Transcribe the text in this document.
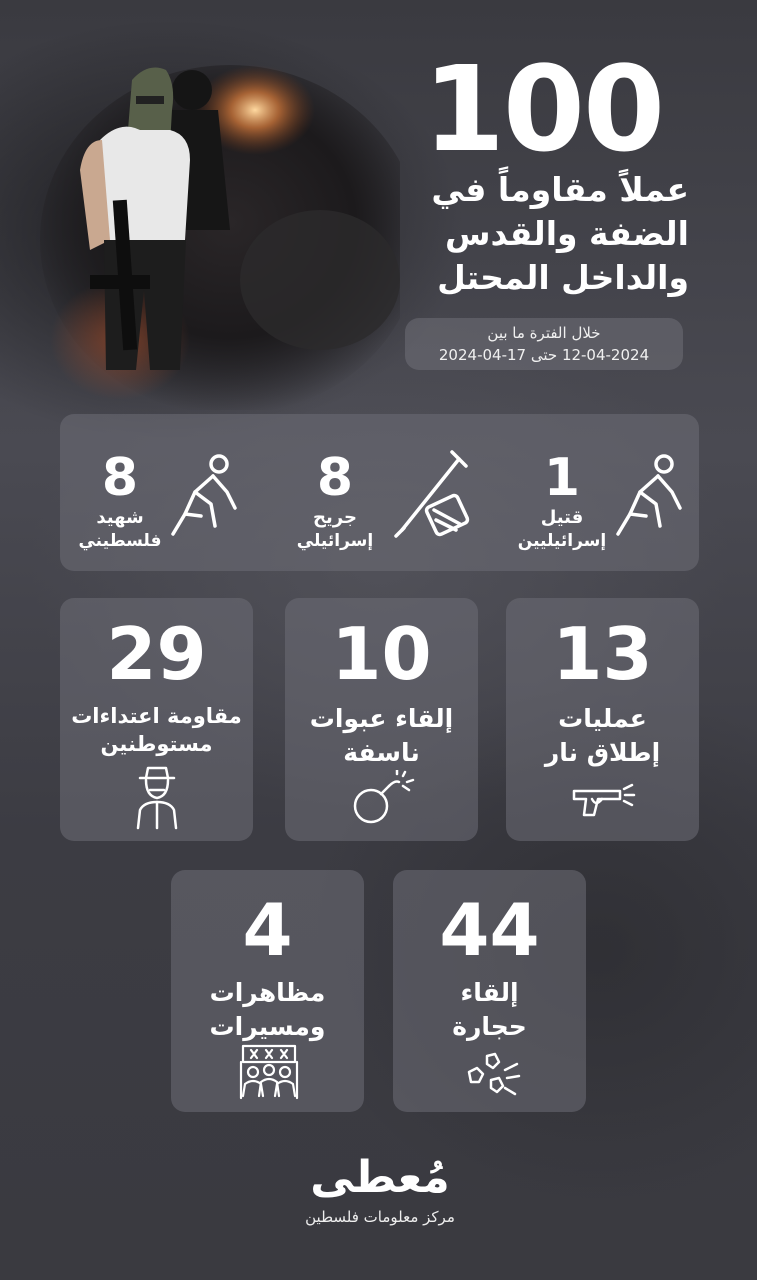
100
عملاً مقاوماً في
الضفة والقدس
والداخل المحتل
خلال الفترة ما بين
12-04-2024 حتى 17-04-2024
1
قتيل
إسرائيليين
8
جريح
إسرائيلي
8
شهيد
فلسطيني
13
عمليات
إطلاق نار
10
إلقاء عبوات
ناسفة
29
مقاومة اعتداءات
مستوطنين
44
إلقاء
حجارة
4
مظاهرات
ومسيرات
مُعطى
مركز معلومات فلسطين
